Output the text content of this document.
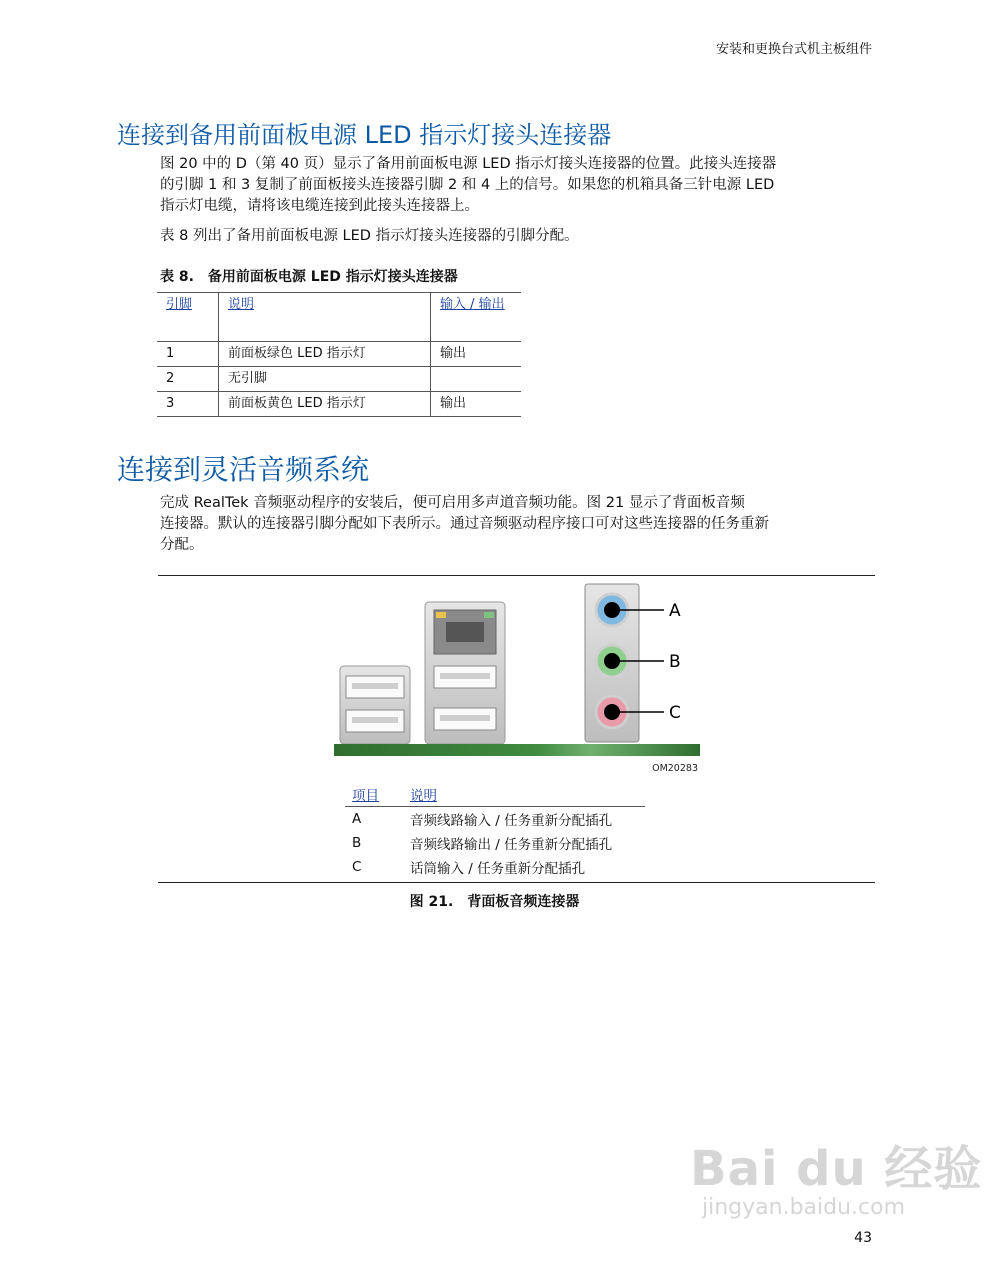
安装和更换台式机主板组件
连接到备用前面板电源 LED 指示灯接头连接器

图 20 中的 D（第 40 页）显示了备用前面板电源 LED 指示灯接头连接器的位置。此接头连接器
的引脚 1 和 3 复制了前面板接头连接器引脚 2 和 4 上的信号。如果您的机箱具备三针电源 LED
指示灯电缆，请将该电缆连接到此接头连接器上。

表 8 列出了备用前面板电源 LED 指示灯接头连接器的引脚分配。

表 8.　备用前面板电源 LED 指示灯接头连接器
引脚	说明	输入 / 输出
1	前面板绿色 LED 指示灯	输出
2	无引脚	
3	前面板黄色 LED 指示灯	输出
连接到灵活音频系统

完成 RealTek 音频驱动程序的安装后，便可启用多声道音频功能。图 21 显示了背面板音频
连接器。默认的连接器引脚分配如下表所示。通过音频驱动程序接口可对这些连接器的任务重新
分配。

A
B
C
OM20283
项目	说明
A	音频线路输入 / 任务重新分配插孔
B	音频线路输出 / 任务重新分配插孔
C	话筒输入 / 任务重新分配插孔
图 21.　背面板音频连接器
Bai du 经验
jingyan.baidu.com
43
